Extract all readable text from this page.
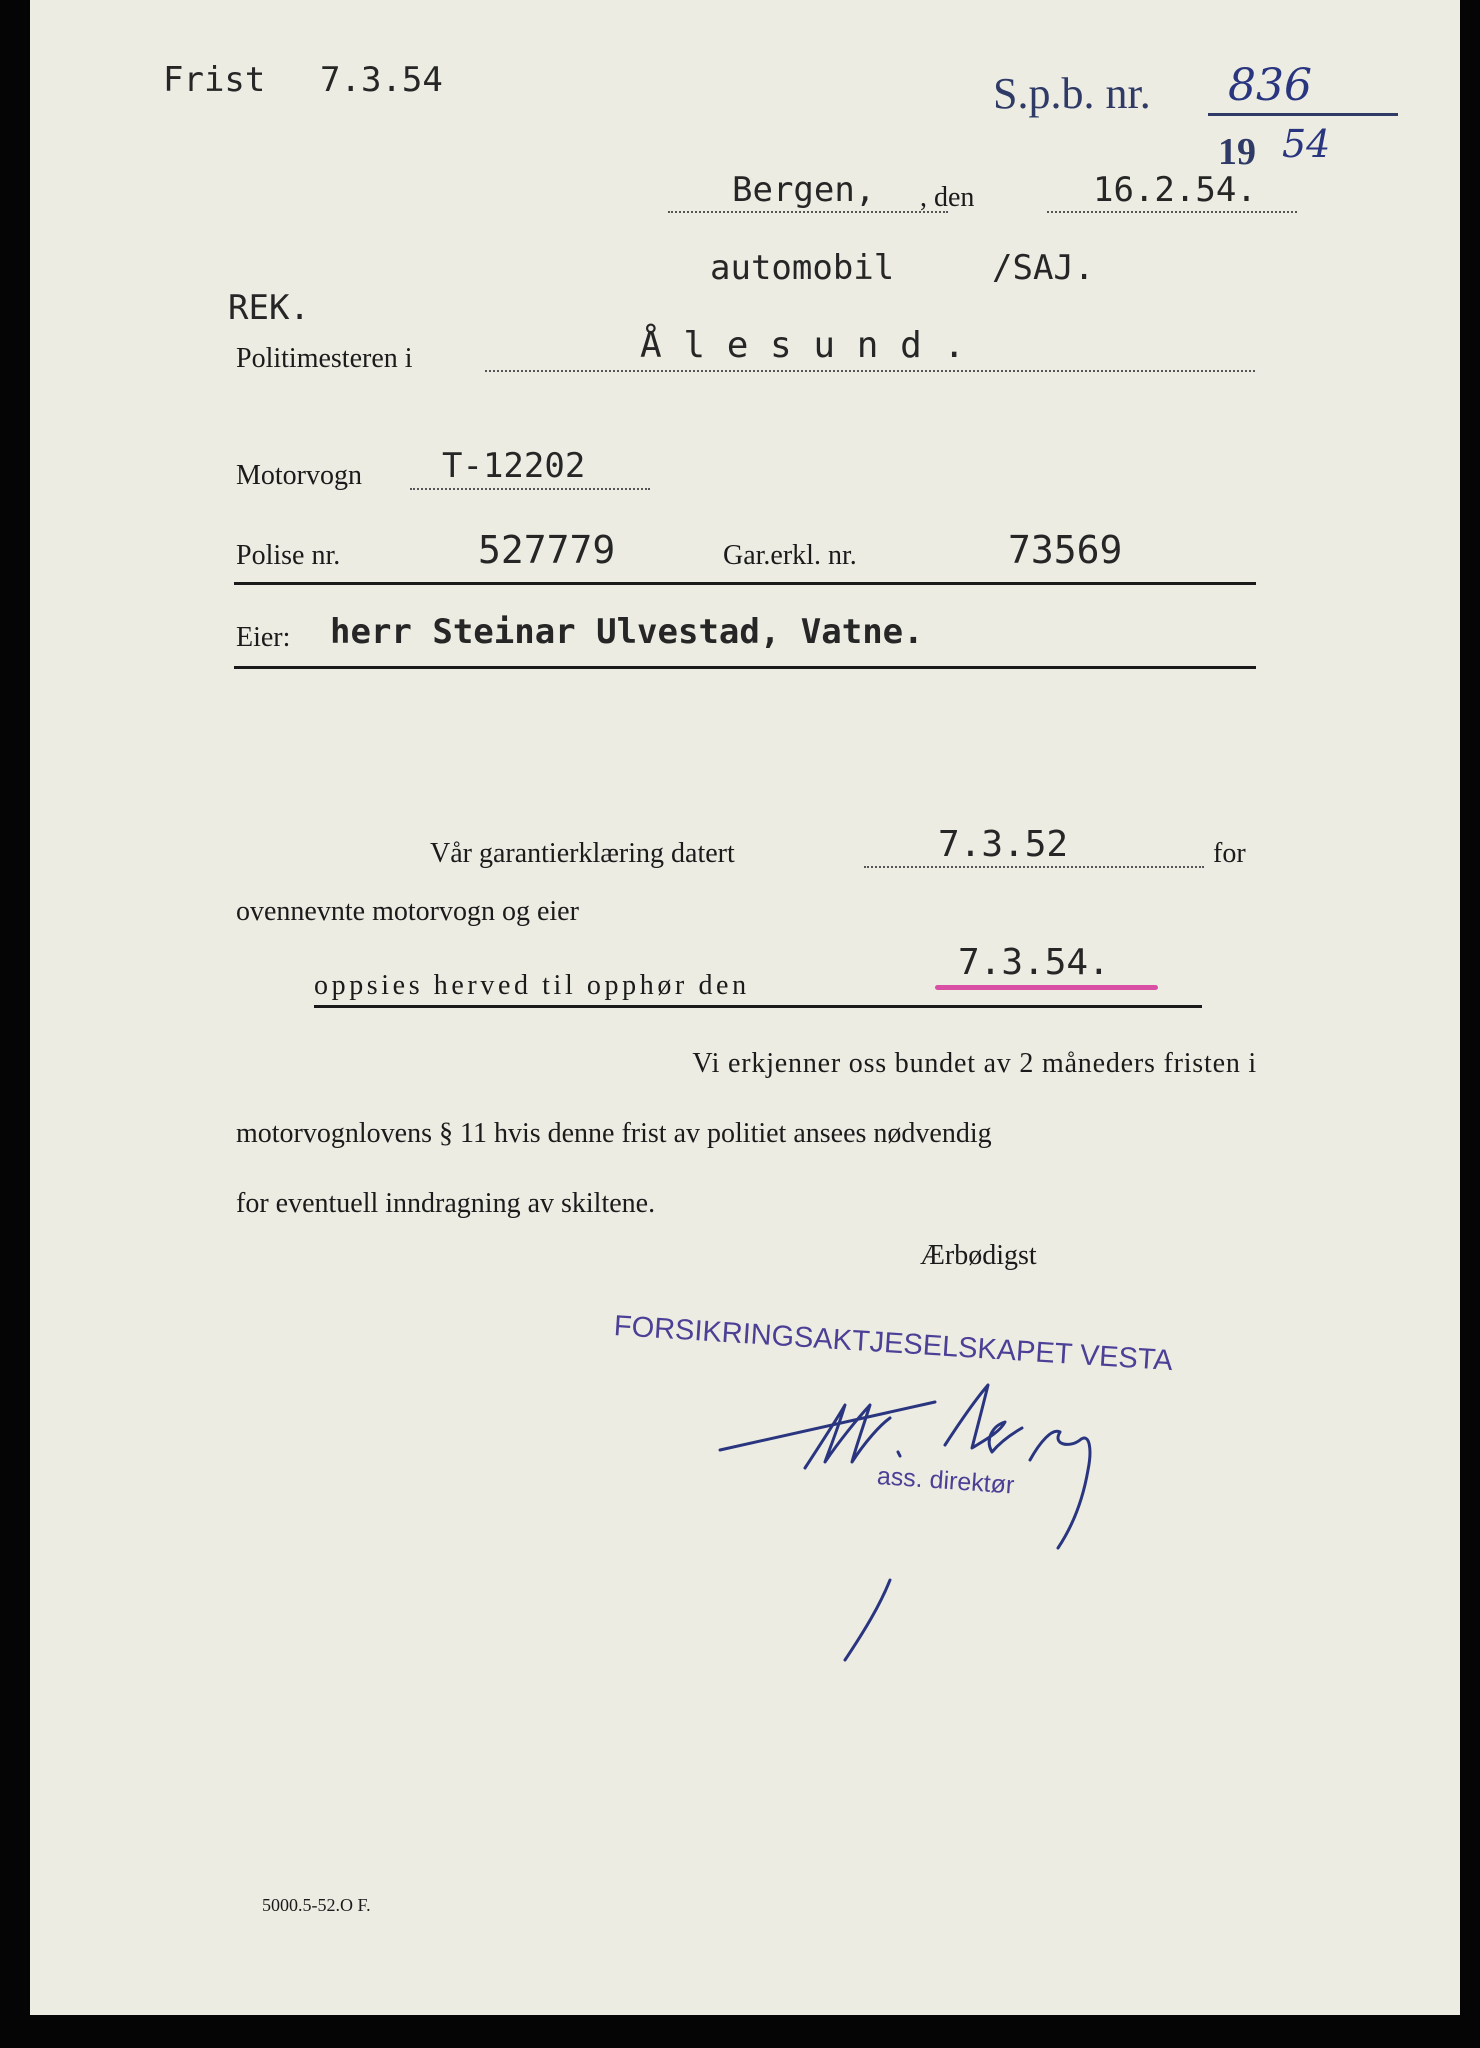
Frist 7.3.54	S.p.b. nr. 836
19 54
Bergen, , den	16.2.54.
automobil	/SAJ.
REK.
Politimesteren i	Å l e s u n d .
Motorvogn T-12202
Polise nr.	527779	Gar.erkl. nr.	73569
Eier: herr Steinar Ulvestad, Vatne.
Vår garantierklæring datert	7.3.52	for
ovennevnte motorvogn og eier
oppsies herved til opphør den
7.3.54.
Vi erkjenner oss bundet av 2 måneders fristen i
motorvognlovens § 11 hvis denne frist av politiet ansees nødvendig
for eventuell inndragning av skiltene.
Ærbødigst
FORSIKRINGSAKTJESELSKAPET VESTA
ass. direktør
5000.5-52.O F.
